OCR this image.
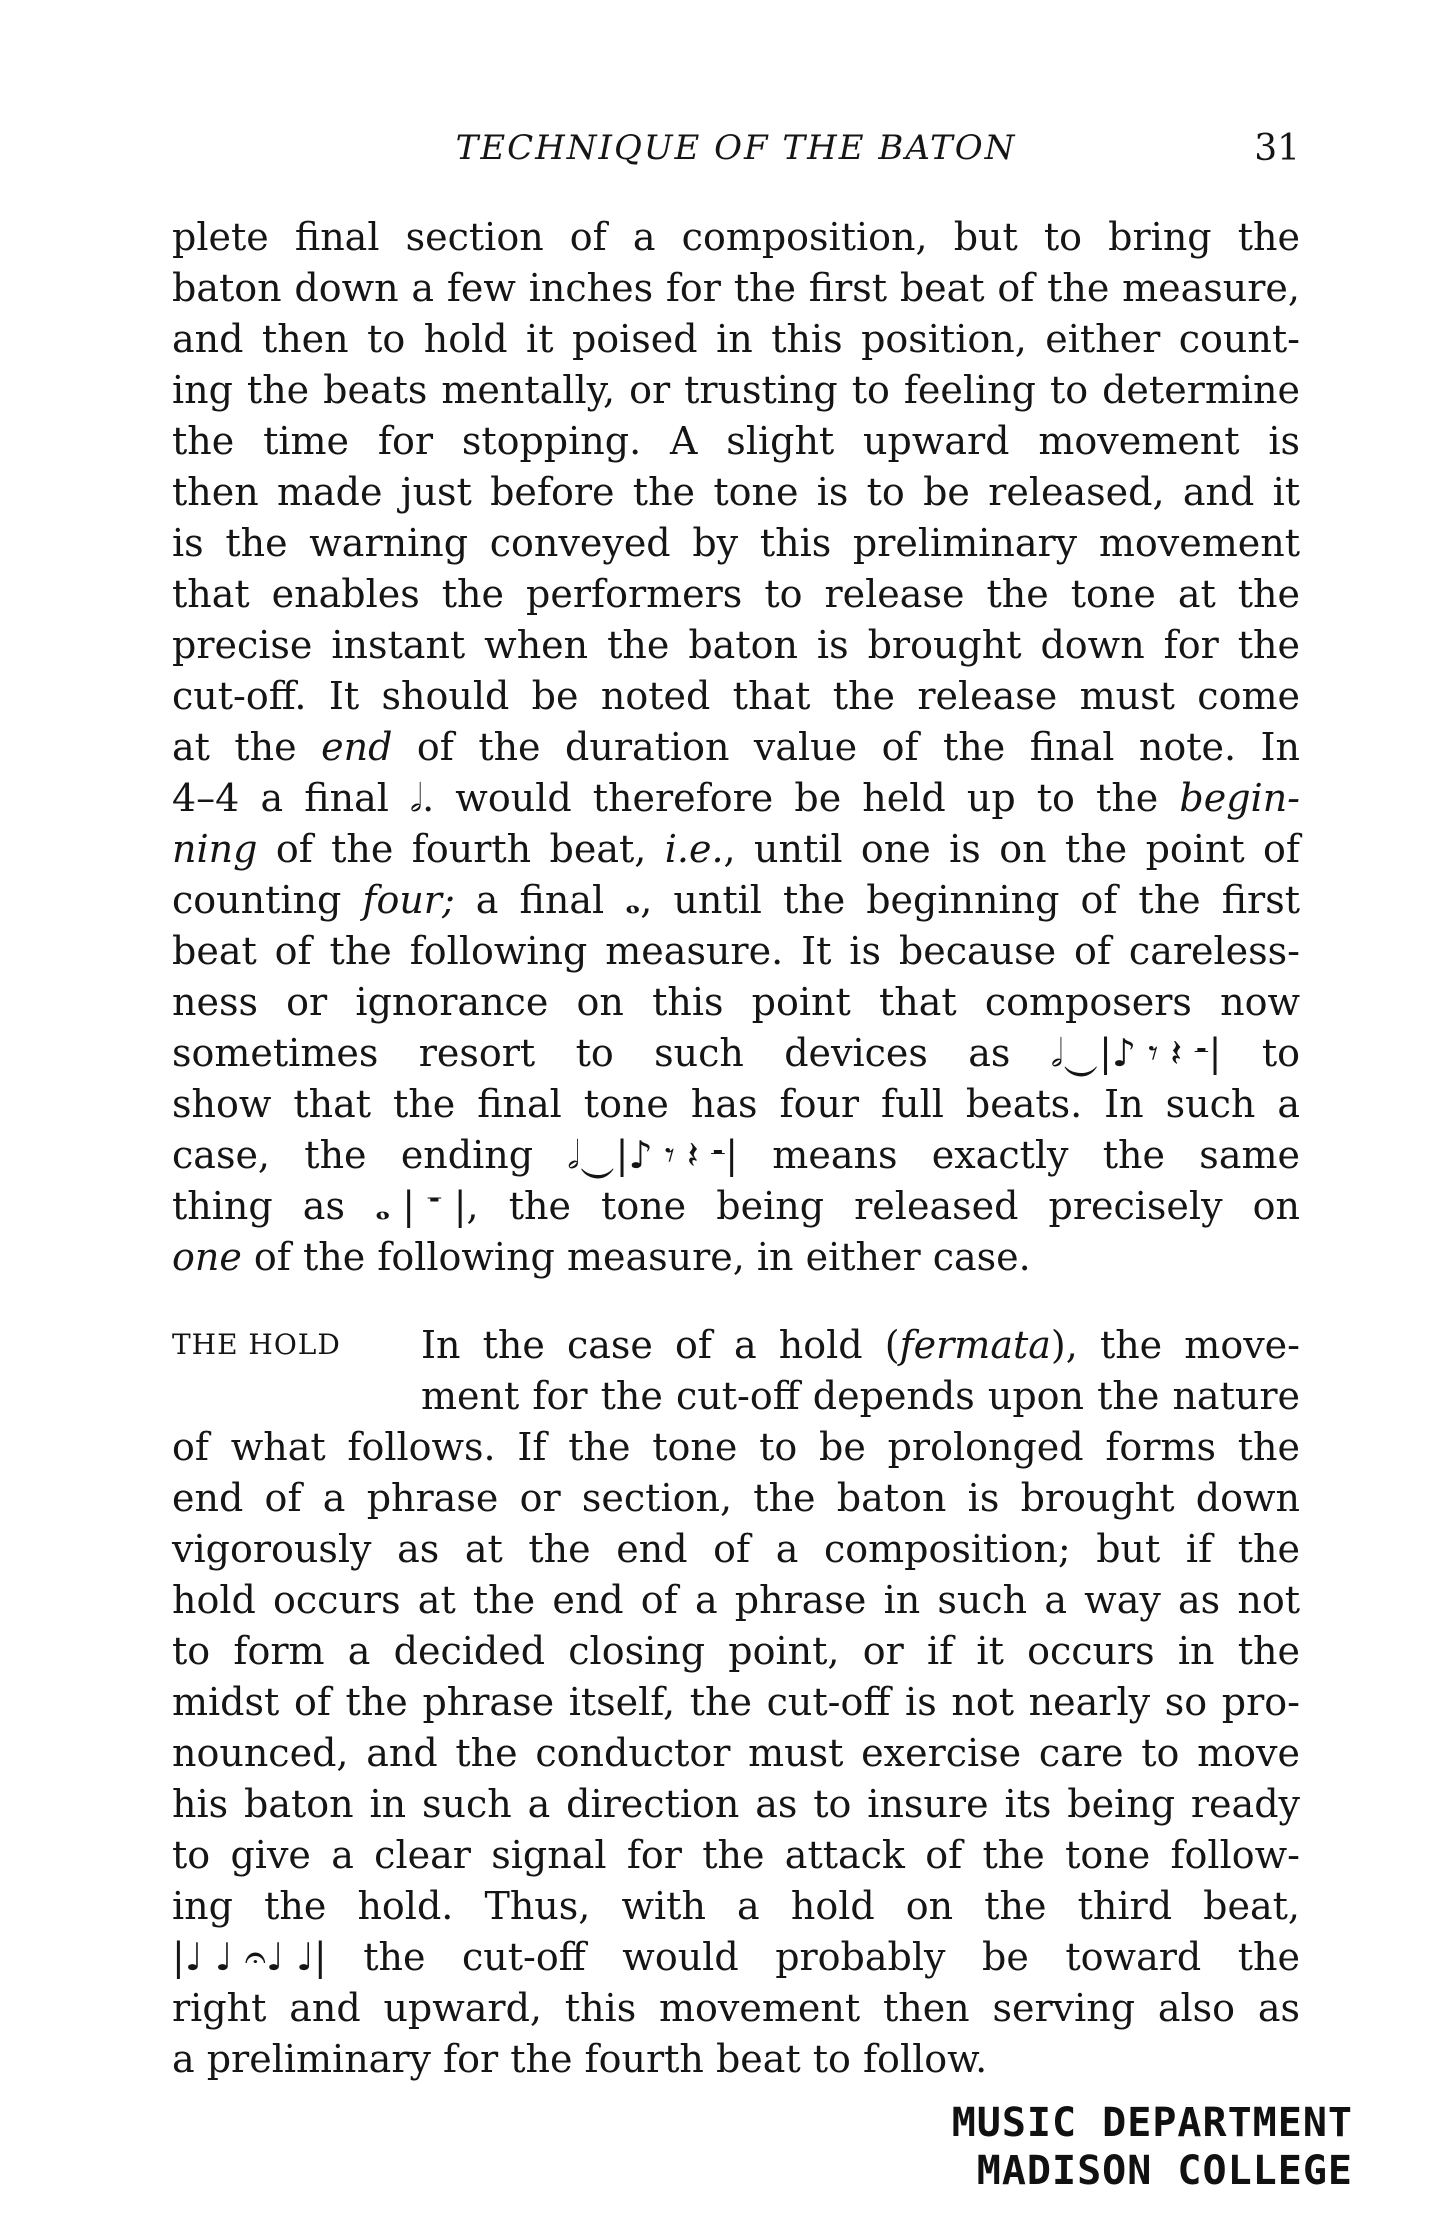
TECHNIQUE OF THE BATON	31
plete final section of a composition, but to bring the
baton down a few inches for the first beat of the measure,
and then to hold it poised in this position, either count-
ing the beats mentally, or trusting to feeling to determine
the time for stopping. A slight upward movement is
then made just before the tone is to be released, and it
is the warning conveyed by this preliminary movement
that enables the performers to release the tone at the
precise instant when the baton is brought down for the
cut-off. It should be noted that the release must come
at the end of the duration value of the final note. In
4–4 a final 𝅗𝅥. would therefore be held up to the begin-
ning of the fourth beat, i.e., until one is on the point of
counting four; a final 𝅝, until the beginning of the first
beat of the following measure. It is because of careless-
ness or ignorance on this point that composers now
sometimes resort to such devices as 𝅗𝅥‿|♪ 𝄾 𝄽 𝄼| to
show that the final tone has four full beats. In such a
case, the ending 𝅗𝅥‿|♪ 𝄾 𝄽 𝄼| means exactly the same
thing as 𝅝 | 𝄻 |, the tone being released precisely on
one of the following measure, in either case.
THE HOLD In the case of a hold (fermata), the move-
ment for the cut-off depends upon the nature
of what follows. If the tone to be prolonged forms the
end of a phrase or section, the baton is brought down
vigorously as at the end of a composition; but if the
hold occurs at the end of a phrase in such a way as not
to form a decided closing point, or if it occurs in the
midst of the phrase itself, the cut-off is not nearly so pro-
nounced, and the conductor must exercise care to move
his baton in such a direction as to insure its being ready
to give a clear signal for the attack of the tone follow-
ing the hold. Thus, with a hold on the third beat,
|♩ ♩ 𝄐♩ ♩| the cut-off would probably be toward the
right and upward, this movement then serving also as
a preliminary for the fourth beat to follow.
MUSIC DEPARTMENT
MADISON COLLEGE
